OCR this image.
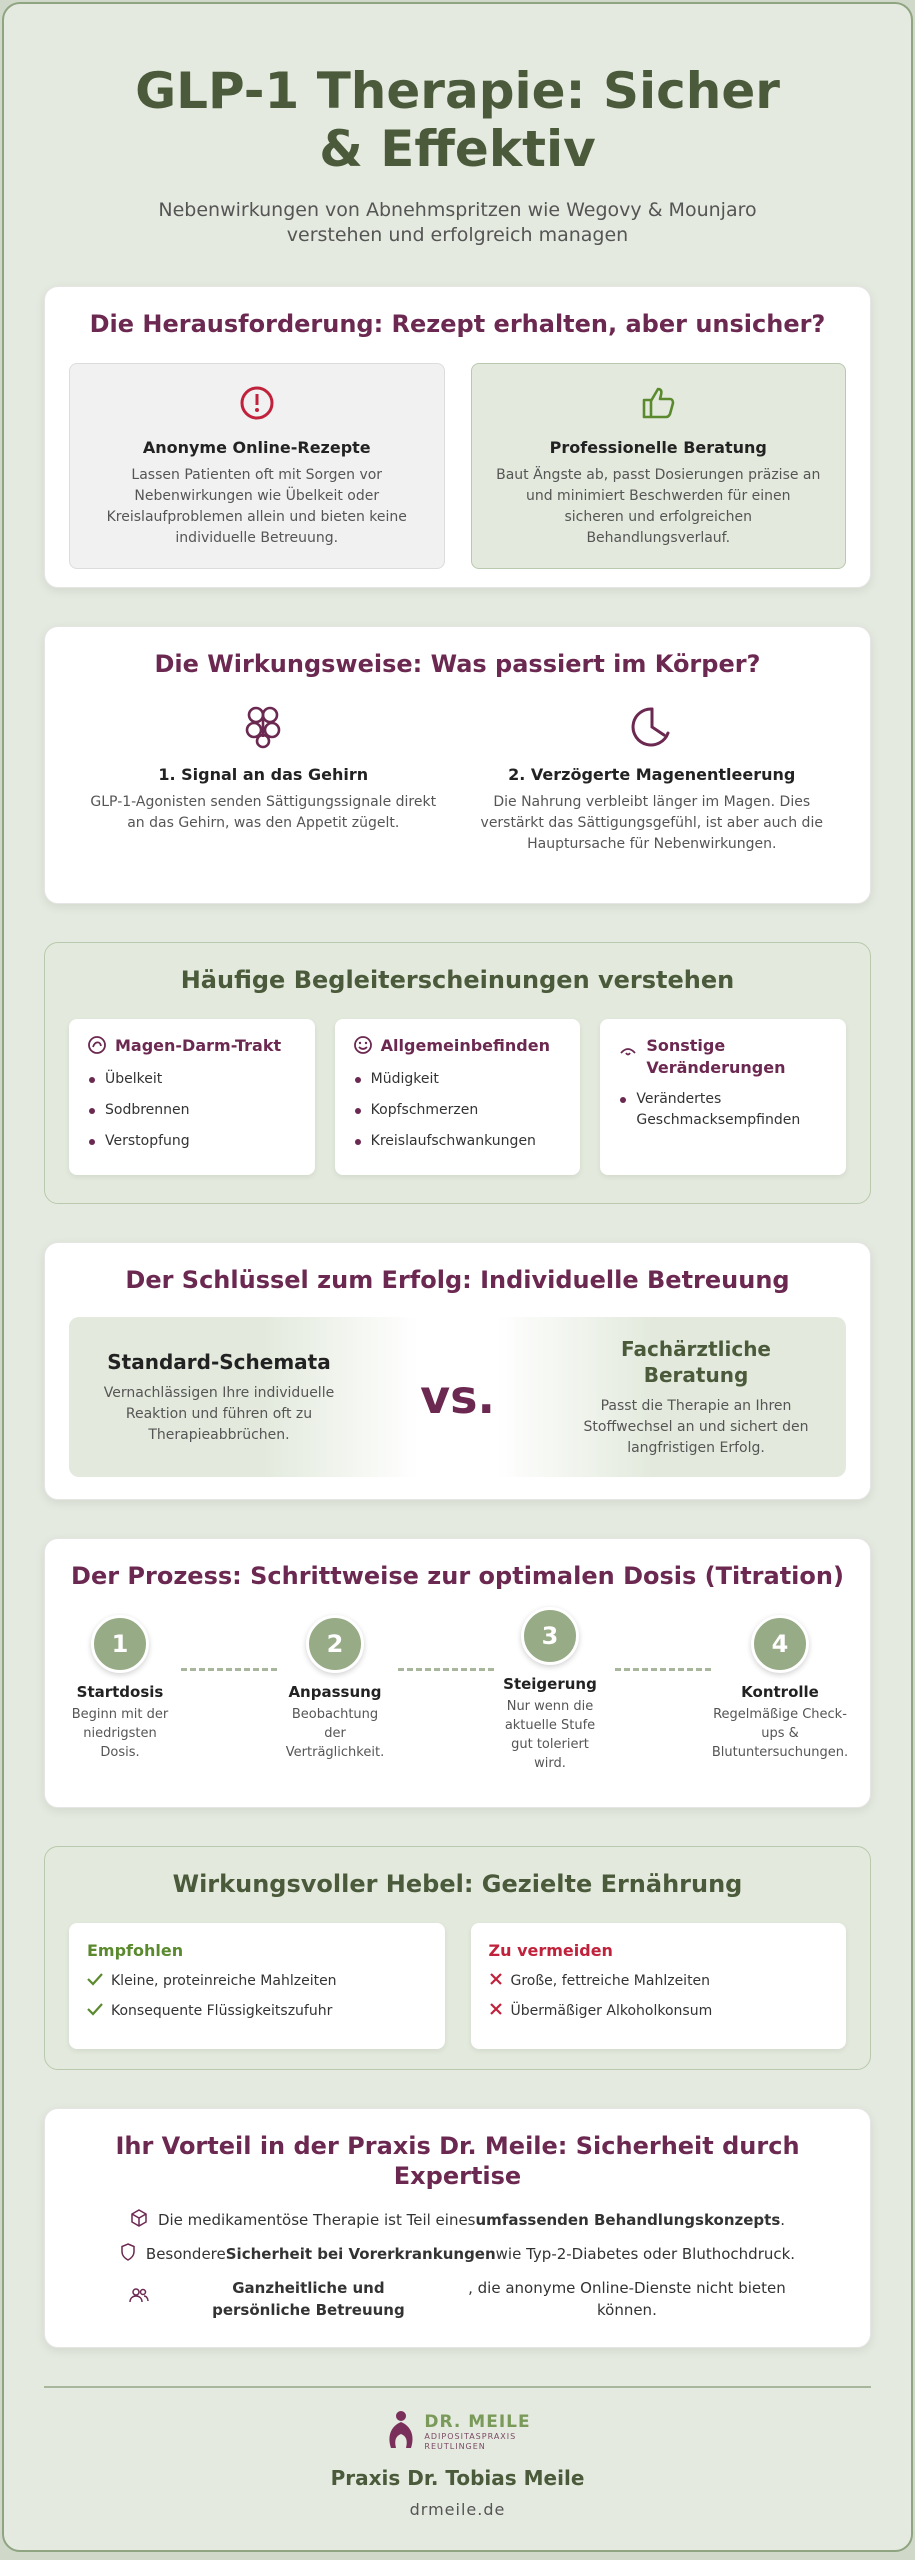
GLP-1 Therapie: Sicher & Effektiv

Nebenwirkungen von Abnehmspritzen wie Wegovy & Mounjaro verstehen und erfolgreich managen

Die Herausforderung: Rezept erhalten, aber unsicher?
Anonyme Online-Rezepte

Lassen Patienten oft mit Sorgen vor Nebenwirkungen wie Übelkeit oder Kreislaufproblemen allein und bieten keine individuelle Betreuung.

Professionelle Beratung

Baut Ängste ab, passt Dosierungen präzise an und minimiert Beschwerden für einen sicheren und erfolgreichen Behandlungsverlauf.

Die Wirkungsweise: Was passiert im Körper?
1. Signal an das Gehirn

GLP-1-Agonisten senden Sättigungssignale direkt an das Gehirn, was den Appetit zügelt.

2. Verzögerte Magenentleerung

Die Nahrung verbleibt länger im Magen. Dies verstärkt das Sättigungsgefühl, ist aber auch die Hauptursache für Nebenwirkungen.

Häufige Begleiterscheinungen verstehen
Magen-Darm-Trakt
Übelkeit
Sodbrennen
Verstopfung
Allgemeinbefinden
Müdigkeit
Kopfschmerzen
Kreislaufschwankungen
Sonstige Veränderungen
Verändertes Geschmacksempfinden
Der Schlüssel zum Erfolg: Individuelle Betreuung
Standard-Schemata

Vernachlässigen Ihre individuelle Reaktion und führen oft zu Therapieabbrüchen.

vs.
Fachärztliche Beratung

Passt die Therapie an Ihren Stoffwechsel an und sichert den langfristigen Erfolg.

Der Prozess: Schrittweise zur optimalen Dosis (Titration)
1
Startdosis

Beginn mit der niedrigsten Dosis.

2
Anpassung

Beobachtung der Verträglichkeit.

3
Steigerung

Nur wenn die aktuelle Stufe gut toleriert wird.

4
Kontrolle

Regelmäßige Check-ups & Blutuntersuchungen.

Wirkungsvoller Hebel: Gezielte Ernährung
Empfohlen
Kleine, proteinreiche Mahlzeiten
Konsequente Flüssigkeitszufuhr
Zu vermeiden
Große, fettreiche Mahlzeiten
Übermäßiger Alkoholkonsum
Ihr Vorteil in der Praxis Dr. Meile: Sicherheit durch Expertise
Die medikamentöse Therapie ist Teil einesumfassenden Behandlungskonzepts.
BesondereSicherheit bei Vorerkrankungenwie Typ-2-Diabetes oder Bluthochdruck.
Ganzheitliche und persönliche Betreuung
, die anonyme Online-Dienste nicht bieten können.
DR. MEILE
ADIPOSITASPRAXIS
REUTLINGEN
Praxis Dr. Tobias Meile
drmeile.de
